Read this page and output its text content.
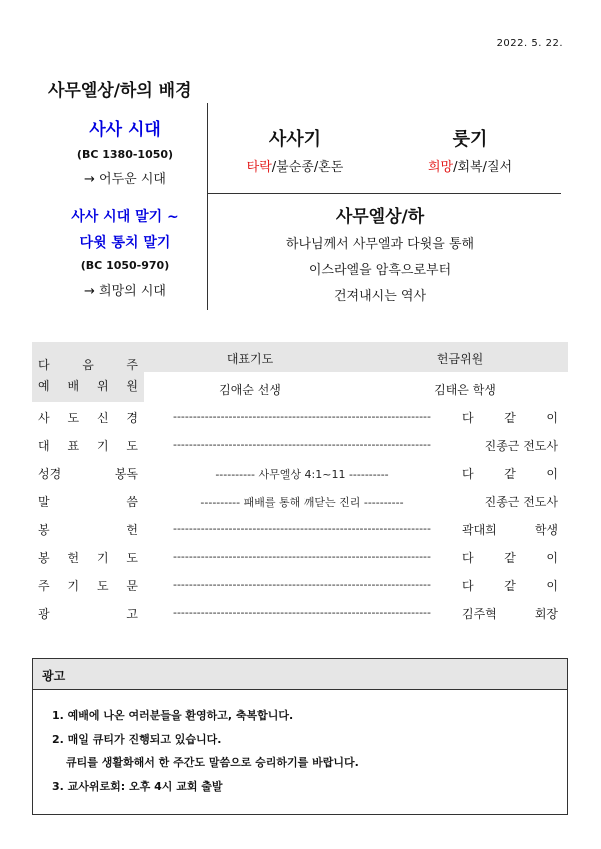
2022. 5. 22.
사무엘상/하의 배경
사사 시대
(BC 1380-1050)
→ 어두운 시대
사사 시대 말기 ~
다윗 통치 말기
(BC 1050-970)
→ 희망의 시대
사사기
타락/불순종/혼돈
룻기
희망/회복/질서
사무엘상/하
하나님께서 사무엘과 다윗을 통해
이스라엘을 암흑으로부터
건져내시는 역사
다	음	주
예 배 위 원
대표기도	헌금위원
김애순 선생	김태은 학생
사 도 신 경	-----------------------------------------------------------------	다	같	이
대 표 기 도	-----------------------------------------------------------------	진종근 전도사
성경	봉독	---------- 사무엘상 4:1~11 ----------	다	같	이
말	씀	---------- 패배를 통해 깨닫는 진리 ----------	진종근 전도사
봉	헌	-----------------------------------------------------------------	곽대희	학생
봉 헌 기 도	-----------------------------------------------------------------	다	같	이
주 기 도 문	-----------------------------------------------------------------	다	같	이
광	고	-----------------------------------------------------------------	김주혁	회장
광고
1. 예배에 나온 여러분들을 환영하고, 축복합니다.
2. 매일 큐티가 진행되고 있습니다.
큐티를 생활화해서 한 주간도 말씀으로 승리하기를 바랍니다.
3. 교사위로회: 오후 4시 교회 출발
